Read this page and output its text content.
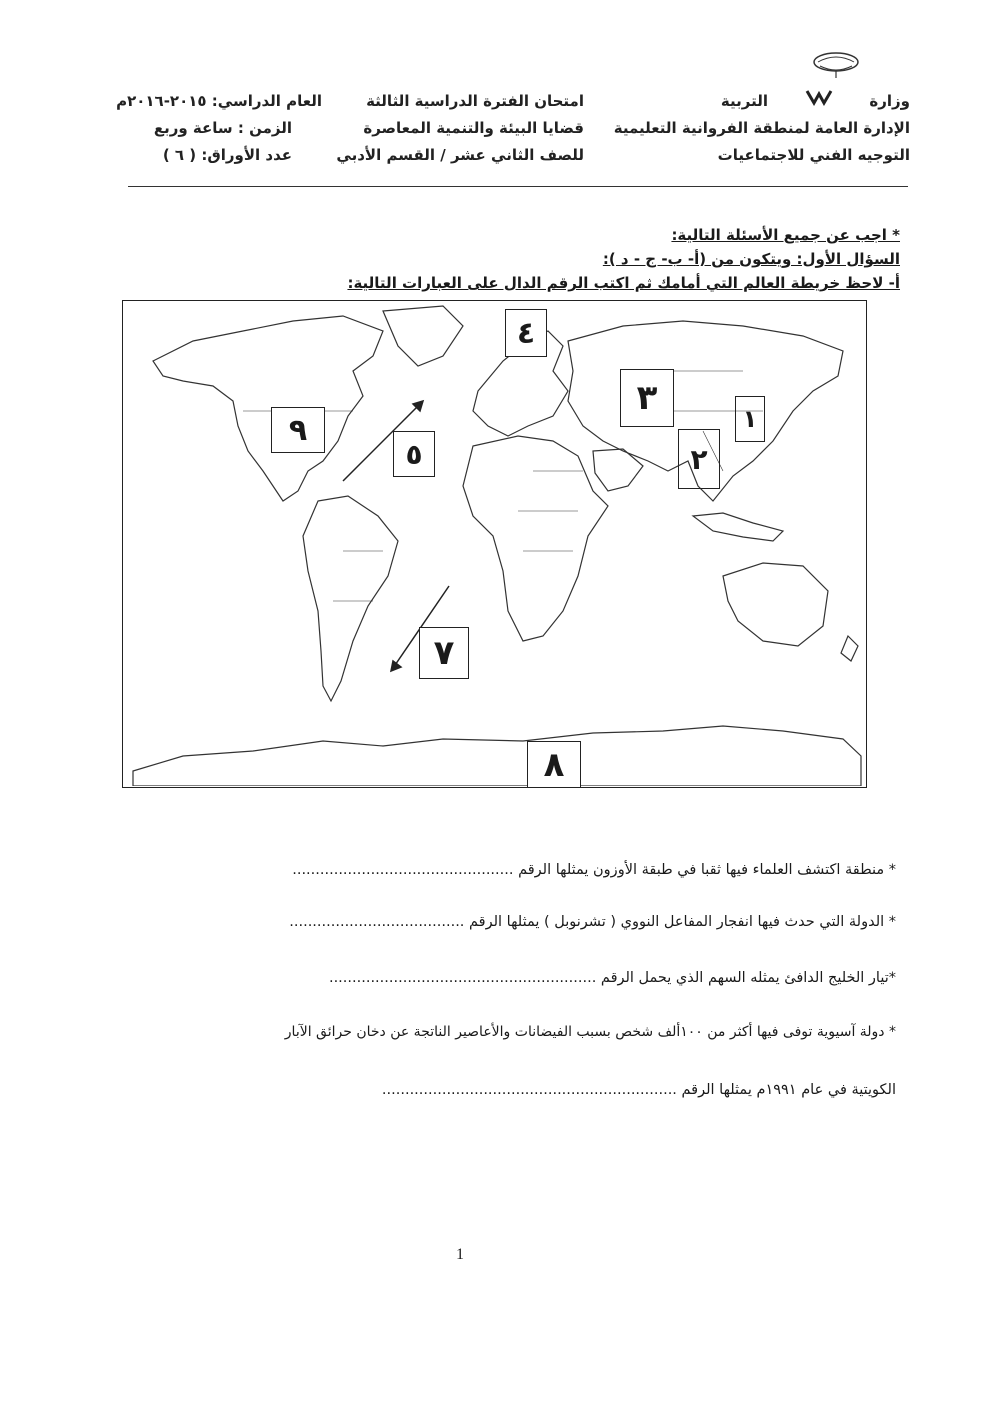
وزارة
التربية
الإدارة العامة لمنطقة الفروانية التعليمية
التوجيه الفني للاجتماعيات
امتحان الفترة الدراسية الثالثة
قضايا البيئة والتنمية المعاصرة
للصف الثاني عشر / القسم الأدبي
العام الدراسي: ٢٠١٥-٢٠١٦م
الزمن : ساعة وربع
عدد الأوراق: ( ٦ )
* اجب عن جميع الأسئلة التالية:
السؤال الأول: ويتكون من (أ- ب- ج - د ):
أ- لاحظ خريطة العالم التي أمامك ثم اكتب الرقم الدال على العبارات التالية:
٤
٣
٢
١
٩
٥
٧
٨
* منطقة اكتشف العلماء فيها ثقبا في طبقة الأوزون يمثلها الرقم ................................................
* الدولة التي حدث فيها انفجار المفاعل النووي ( تشرنوبل ) يمثلها الرقم ......................................
*تيار الخليج الدافئ يمثله السهم الذي يحمل الرقم ..........................................................
* دولة آسيوية توفى فيها أكثر من ١٠٠ألف شخص بسبب الفيضانات والأعاصير الناتجة عن دخان حرائق الآبار
الكويتية في عام ١٩٩١م يمثلها الرقم ................................................................
1
